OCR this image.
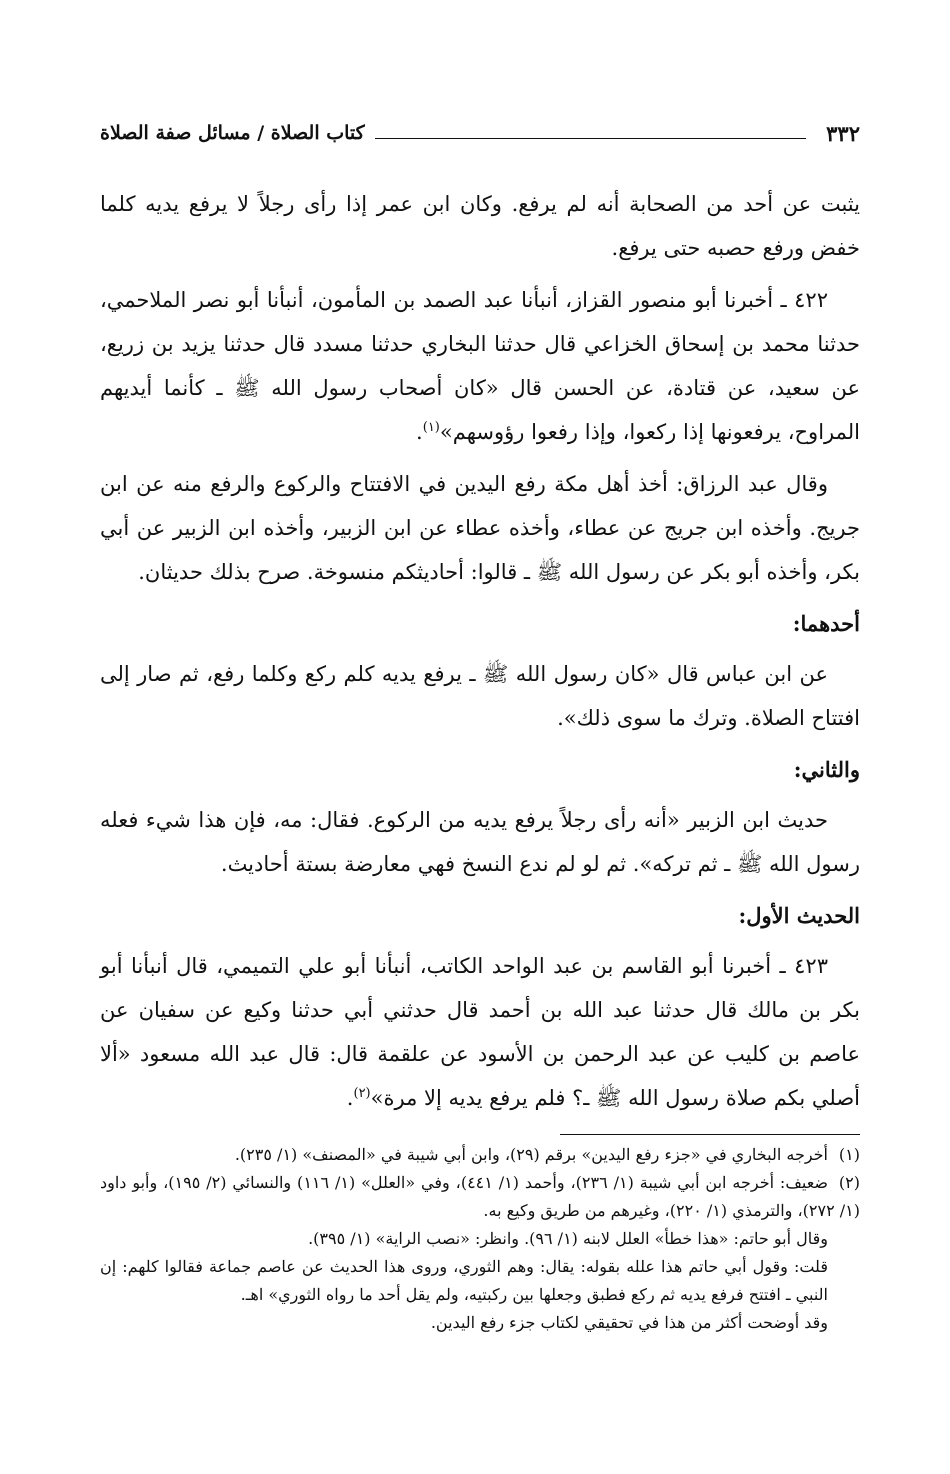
٣٣٢
كتاب الصلاة / مسائل صفة الصلاة

يثبت عن أحد من الصحابة أنه لم يرفع. وكان ابن عمر إذا رأى رجلاً لا يرفع يديه كلما خفض ورفع حصبه حتى يرفع.

٤٢٢ ـ أخبرنا أبو منصور القزاز، أنبأنا عبد الصمد بن المأمون، أنبأنا أبو نصر الملاحمي، حدثنا محمد بن إسحاق الخزاعي قال حدثنا البخاري حدثنا مسدد قال حدثنا يزيد بن زريع، عن سعيد، عن قتادة، عن الحسن قال «كان أصحاب رسول الله ﷺ ـ كأنما أيديهم المراوح، يرفعونها إذا ركعوا، وإذا رفعوا رؤوسهم»$^{(١)}$.

وقال عبد الرزاق: أخذ أهل مكة رفع اليدين في الافتتاح والركوع والرفع منه عن ابن جريج. وأخذه ابن جريج عن عطاء، وأخذه عطاء عن ابن الزبير، وأخذه ابن الزبير عن أبي بكر، وأخذه أبو بكر عن رسول الله ﷺ ـ قالوا: أحاديثكم منسوخة. صرح بذلك حديثان.

أحدهما:

عن ابن عباس قال «كان رسول الله ﷺ ـ يرفع يديه كلم ركع وكلما رفع، ثم صار إلى افتتاح الصلاة. وترك ما سوى ذلك».

والثاني:

حديث ابن الزبير «أنه رأى رجلاً يرفع يديه من الركوع. فقال: مه، فإن هذا شيء فعله رسول الله ﷺ ـ ثم تركه». ثم لو لم ندع النسخ فهي معارضة بستة أحاديث.

الحديث الأول:

٤٢٣ ـ أخبرنا أبو القاسم بن عبد الواحد الكاتب، أنبأنا أبو علي التميمي، قال أنبأنا أبو بكر بن مالك قال حدثنا عبد الله بن أحمد قال حدثني أبي حدثنا وكيع عن سفيان عن عاصم بن كليب عن عبد الرحمن بن الأسود عن علقمة قال: قال عبد الله مسعود «ألا أصلي بكم صلاة رسول الله ﷺ ـ؟ فلم يرفع يديه إلا مرة»$^{(٢)}$.

(١)أخرجه البخاري في «جزء رفع اليدين» برقم (٢٩)، وابن أبي شيبة في «المصنف» (١/ ٢٣٥).
(٢)ضعيف: أخرجه ابن أبي شيبة (١/ ٢٣٦)، وأحمد (١/ ٤٤١)، وفي «العلل» (١/ ١١٦) والنسائي (٢/ ١٩٥)، وأبو داود (١/ ٢٧٢)، والترمذي (١/ ٢٢٠)، وغيرهم من طريق وكيع به.
وقال أبو حاتم: «هذا خطأ» العلل لابنه (١/ ٩٦). وانظر: «نصب الراية» (١/ ٣٩٥).
قلت: وقول أبي حاتم هذا علله بقوله: يقال: وهم الثوري، وروى هذا الحديث عن عاصم جماعة فقالوا كلهم: إن النبي ـ افتتح فرفع يديه ثم ركع فطبق وجعلها بين ركبتيه، ولم يقل أحد ما رواه الثوري» اهـ.
وقد أوضحت أكثر من هذا في تحقيقي لكتاب جزء رفع اليدين.
